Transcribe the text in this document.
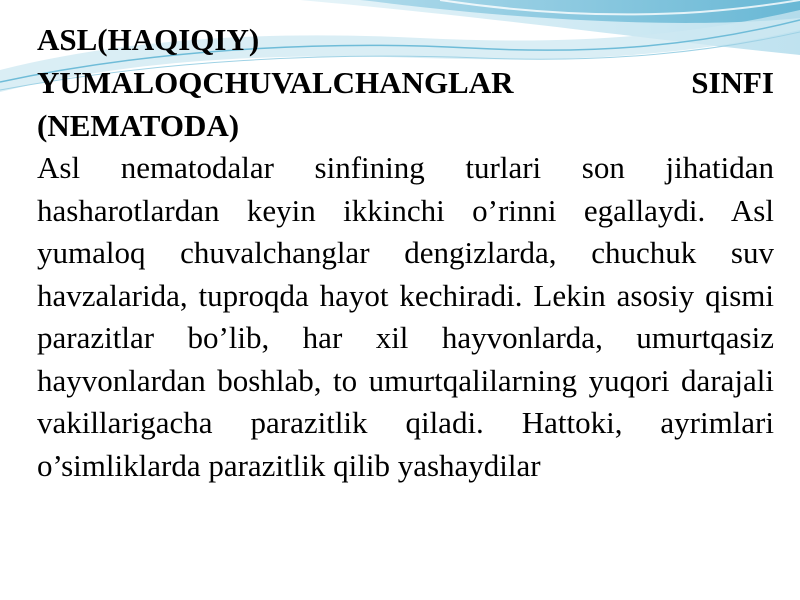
ASL(HAQIQIY)
YUMALOQCHUVALCHANGLAR SINFI
(NEMATODA)

Asl nematodalar sinfining turlari son jihatidan hasharotlardan keyin ikkinchi o’rinni egallaydi. Asl yumaloq chuvalchanglar dengizlarda, chuchuk suv havzalarida, tuproqda hayot kechiradi. Lekin asosiy qismi parazitlar bo’lib, har xil hayvonlarda, umurtqasiz hayvonlardan boshlab, to umurtqalilarning yuqori darajali vakillarigacha parazitlik qiladi. Hattoki, ayrimlari o’simliklarda parazitlik qilib yashaydilar
